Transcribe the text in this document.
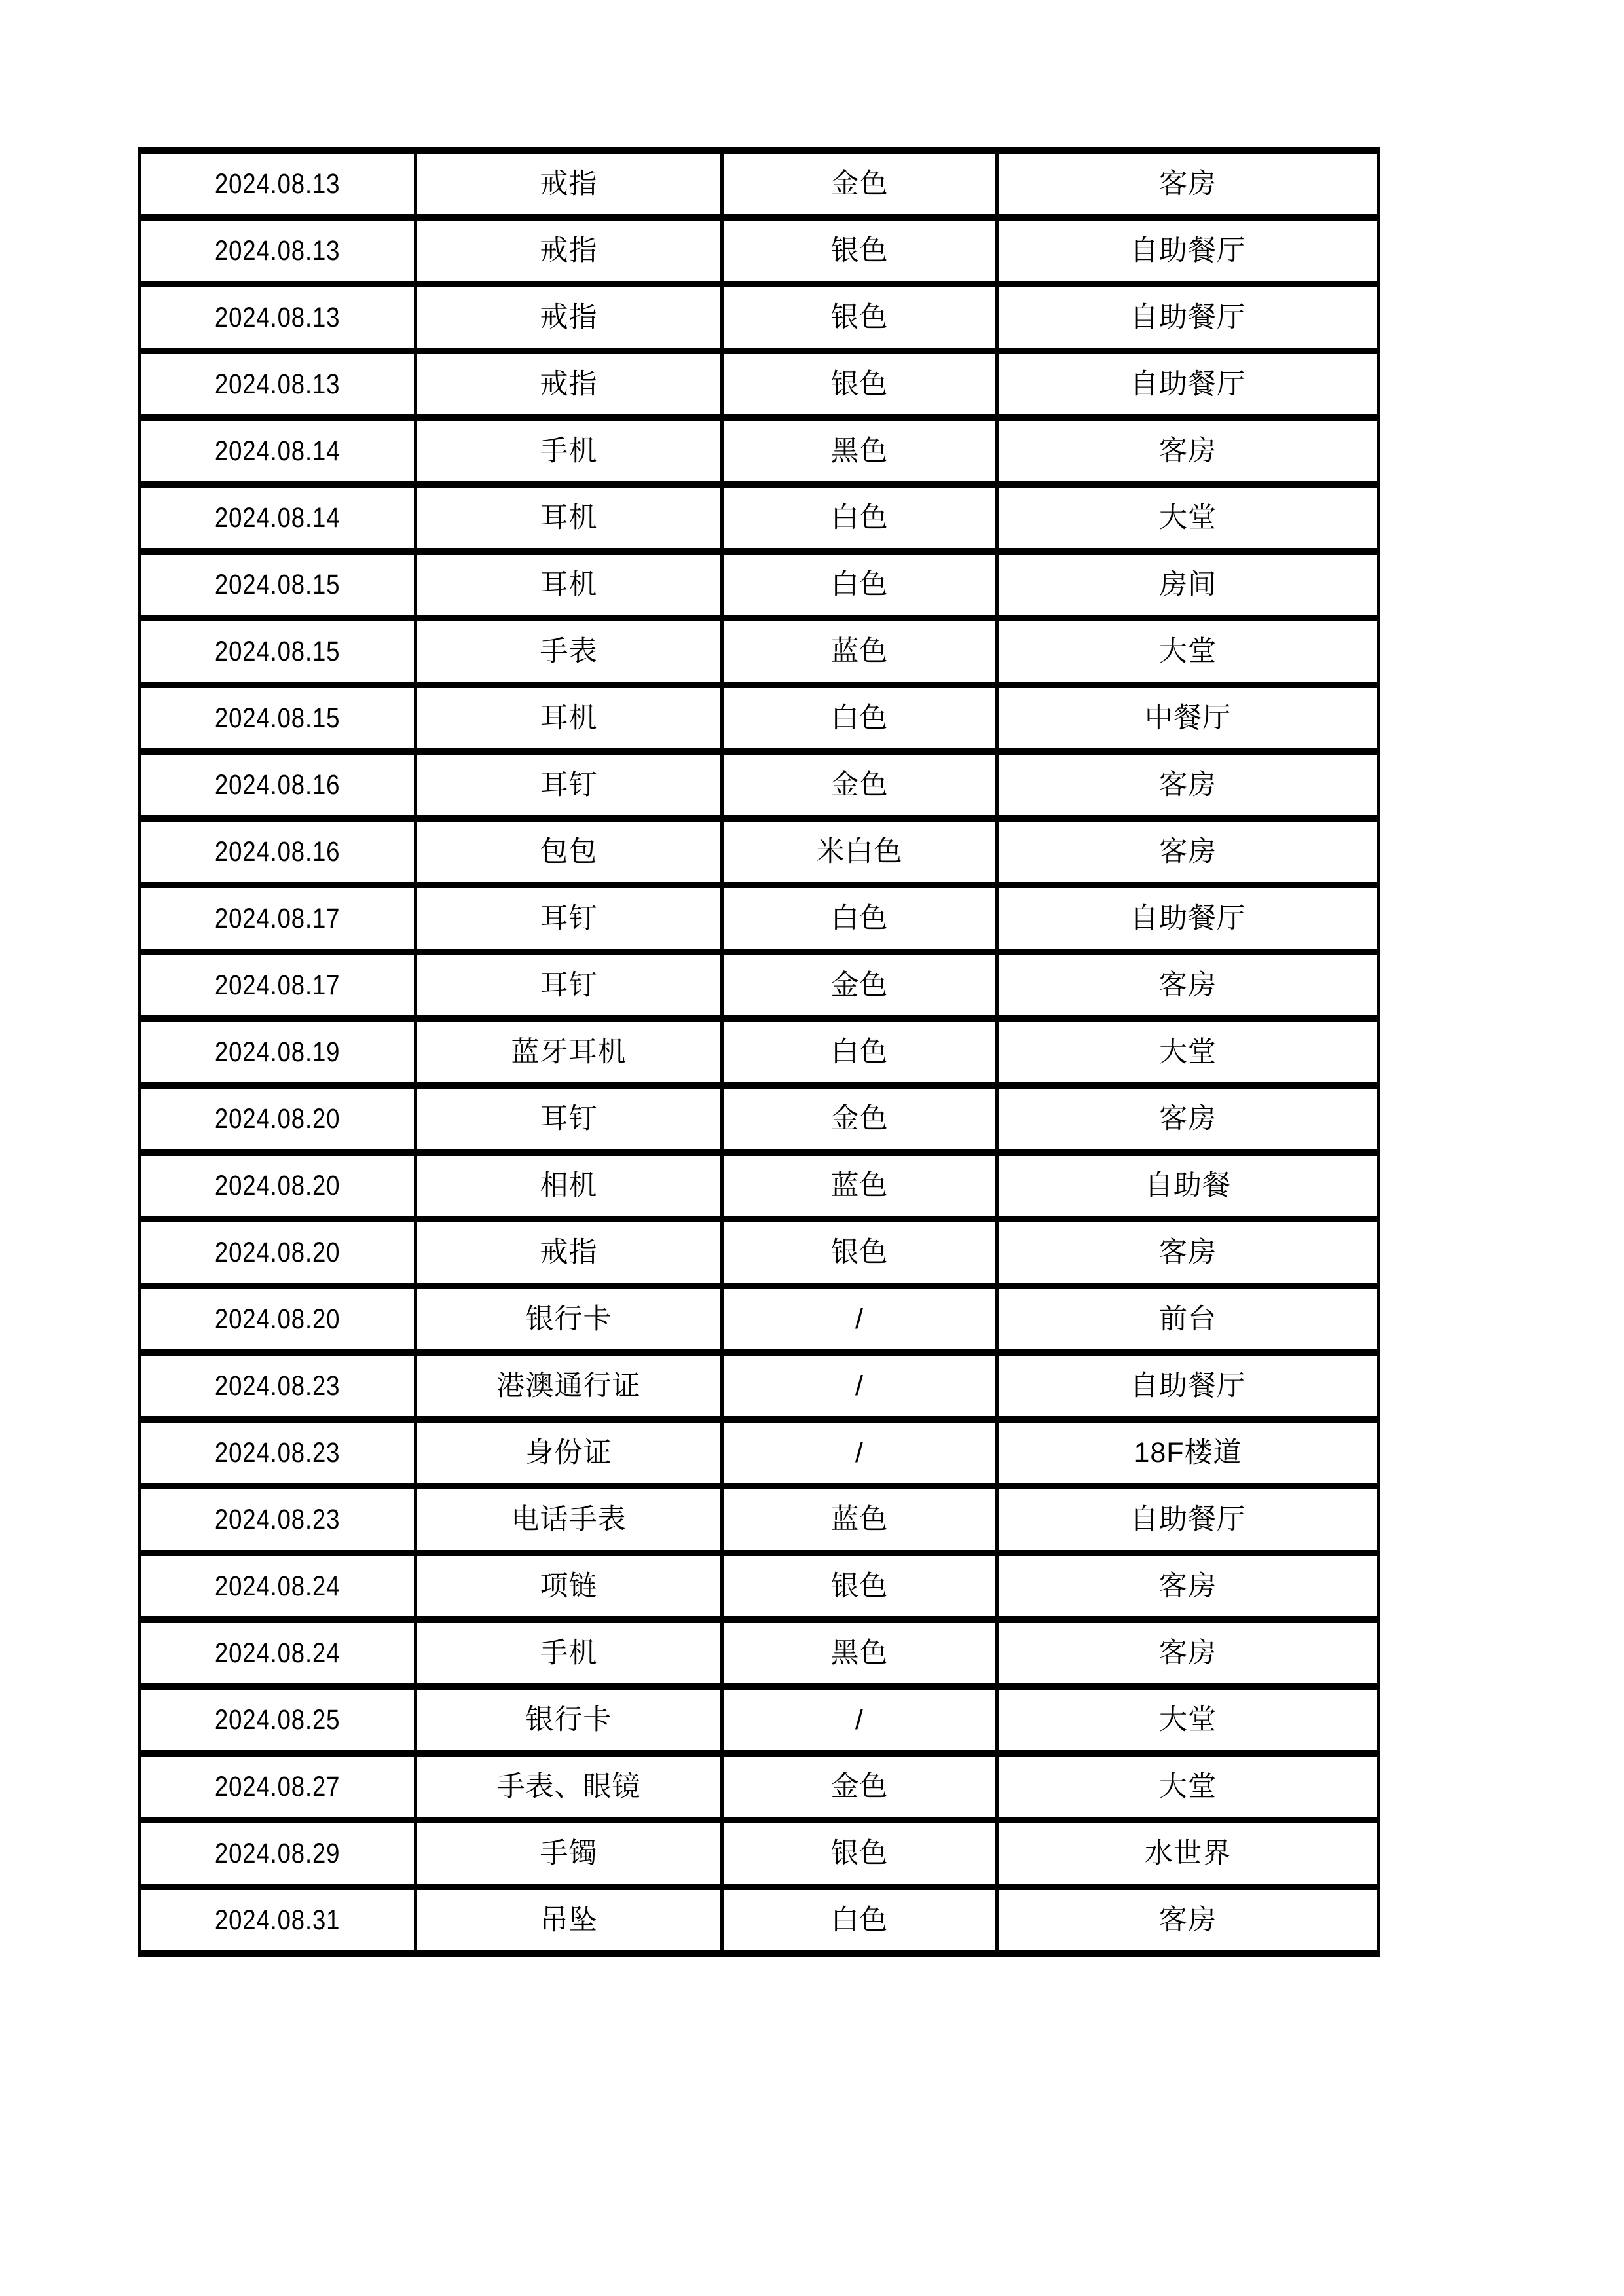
2024.08.13	戒指	金色	客房
2024.08.13	戒指	银色	自助餐厅
2024.08.13	戒指	银色	自助餐厅
2024.08.13	戒指	银色	自助餐厅
2024.08.14	手机	黑色	客房
2024.08.14	耳机	白色	大堂
2024.08.15	耳机	白色	房间
2024.08.15	手表	蓝色	大堂
2024.08.15	耳机	白色	中餐厅
2024.08.16	耳钉	金色	客房
2024.08.16	包包	米白色	客房
2024.08.17	耳钉	白色	自助餐厅
2024.08.17	耳钉	金色	客房
2024.08.19	蓝牙耳机	白色	大堂
2024.08.20	耳钉	金色	客房
2024.08.20	相机	蓝色	自助餐
2024.08.20	戒指	银色	客房
2024.08.20	银行卡	/	前台
2024.08.23	港澳通行证	/	自助餐厅
2024.08.23	身份证	/	18F楼道
2024.08.23	电话手表	蓝色	自助餐厅
2024.08.24	项链	银色	客房
2024.08.24	手机	黑色	客房
2024.08.25	银行卡	/	大堂
2024.08.27	手表、眼镜	金色	大堂
2024.08.29	手镯	银色	水世界
2024.08.31	吊坠	白色	客房
